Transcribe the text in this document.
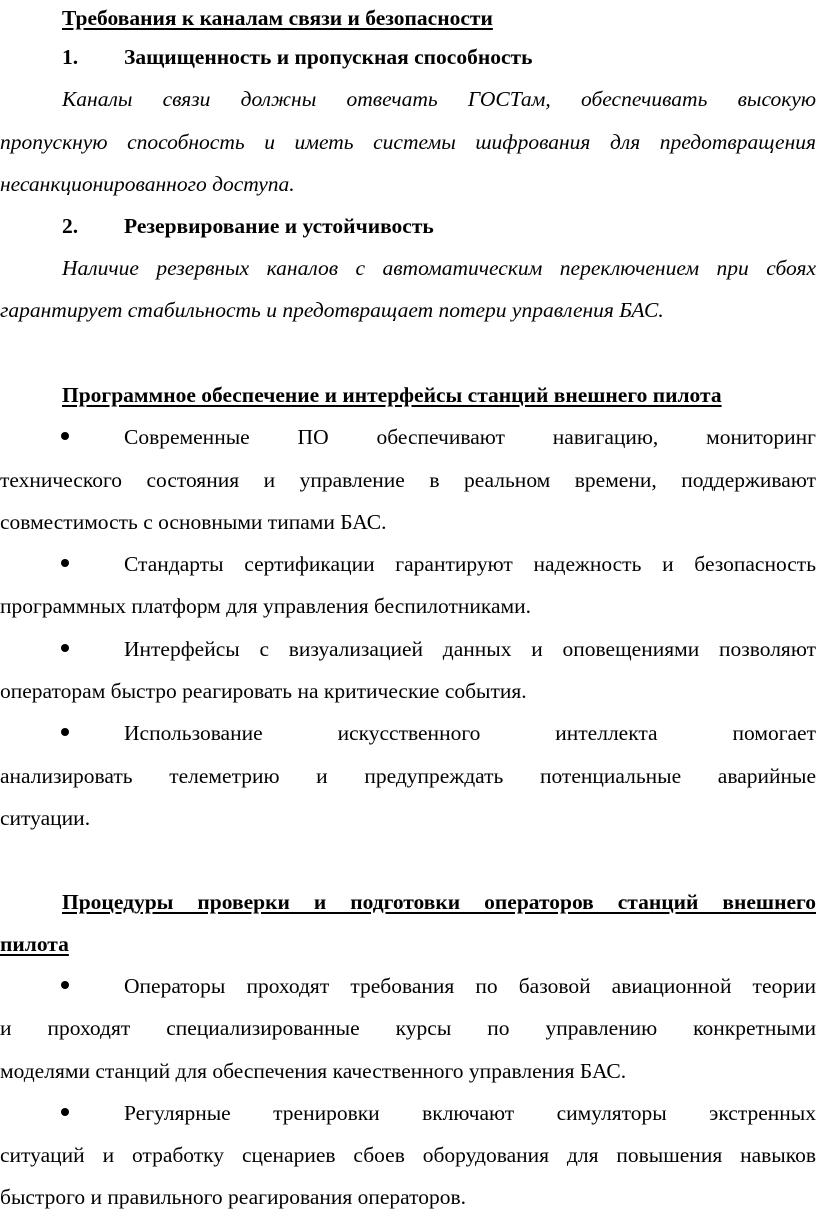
Требования к каналам связи и безопасности
1. Защищенность и пропускная способность
Каналы связи должны отвечать ГОСТам, обеспечивать высокую
пропускную способность и иметь системы шифрования для предотвращения
несанкционированного доступа.
2. Резервирование и устойчивость
Наличие резервных каналов с автоматическим переключением при сбоях
гарантирует стабильность и предотвращает потери управления БАС.
Программное обеспечение и интерфейсы станций внешнего пилота
Современные ПО обеспечивают навигацию, мониторинг
технического состояния и управление в реальном времени, поддерживают
совместимость с основными типами БАС.
Стандарты сертификации гарантируют надежность и безопасность
программных платформ для управления беспилотниками.
Интерфейсы с визуализацией данных и оповещениями позволяют
операторам быстро реагировать на критические события.
Использование искусственного интеллекта помогает
анализировать телеметрию и предупреждать потенциальные аварийные
ситуации.
Процедуры проверки и подготовки операторов станций внешнего
пилота
Операторы проходят требования по базовой авиационной теории
и проходят специализированные курсы по управлению конкретными
моделями станций для обеспечения качественного управления БАС.
Регулярные тренировки включают симуляторы экстренных
ситуаций и отработку сценариев сбоев оборудования для повышения навыков
быстрого и правильного реагирования операторов.
